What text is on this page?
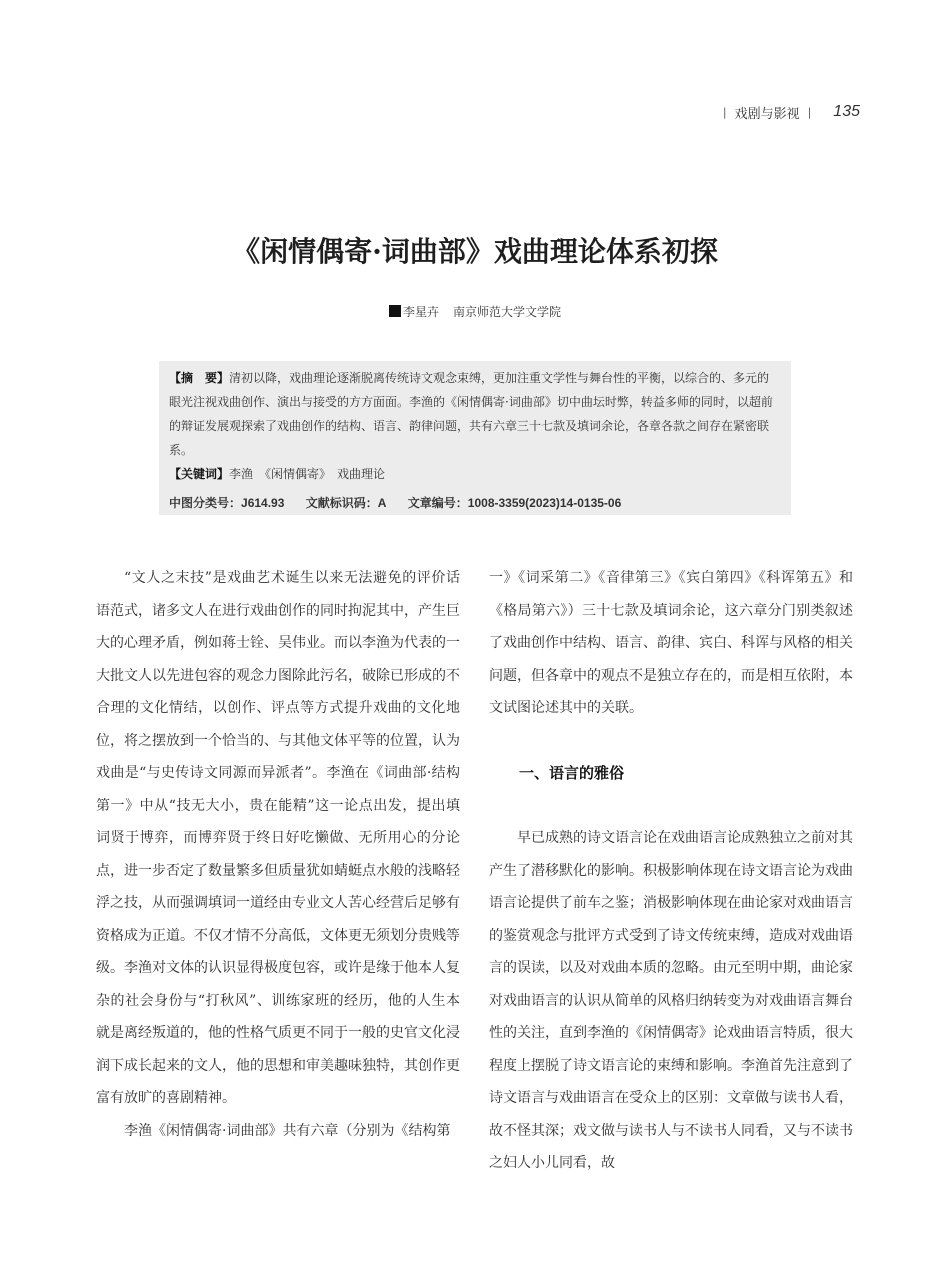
| 戏剧与影视 | 135
《闲情偶寄·词曲部》戏曲理论体系初探
李星卉 南京师范大学文学院

【摘　要】清初以降，戏曲理论逐渐脱离传统诗文观念束缚，更加注重文学性与舞台性的平衡，以综合的、多元的眼光注视戏曲创作、演出与接受的方方面面。李渔的《闲情偶寄·词曲部》切中曲坛时弊，转益多师的同时，以超前的辩证发展观探索了戏曲创作的结构、语言、韵律问题，共有六章三十七款及填词余论，各章各款之间存在紧密联系。

【关键词】李渔　《闲情偶寄》　戏曲理论

中图分类号：J614.93 文献标识码：A 文章编号：1008-3359(2023)14-0135-06

“文人之末技”是戏曲艺术诞生以来无法避免的评价话语范式，诸多文人在进行戏曲创作的同时拘泥其中，产生巨大的心理矛盾，例如蒋士铨、吴伟业。而以李渔为代表的一大批文人以先进包容的观念力图除此污名，破除已形成的不合理的文化情结，以创作、评点等方式提升戏曲的文化地位，将之摆放到一个恰当的、与其他文体平等的位置，认为戏曲是“与史传诗文同源而异派者”。李渔在《词曲部·结构第一》中从“技无大小，贵在能精”这一论点出发，提出填词贤于博弈，而博弈贤于终日好吃懒做、无所用心的分论点，进一步否定了数量繁多但质量犹如蜻蜓点水般的浅略轻浮之技，从而强调填词一道经由专业文人苦心经营后足够有资格成为正道。不仅才情不分高低，文体更无须划分贵贱等级。李渔对文体的认识显得极度包容，或许是缘于他本人复杂的社会身份与“打秋风”、训练家班的经历，他的人生本就是离经叛道的，他的性格气质更不同于一般的史官文化浸润下成长起来的文人，他的思想和审美趣味独特，其创作更富有放旷的喜剧精神。

李渔《闲情偶寄·词曲部》共有六章（分别为《结构第

一》《词采第二》《音律第三》《宾白第四》《科诨第五》和《格局第六》）三十七款及填词余论，这六章分门别类叙述了戏曲创作中结构、语言、韵律、宾白、科诨与风格的相关问题，但各章中的观点不是独立存在的，而是相互依附，本文试图论述其中的关联。

一、语言的雅俗

早已成熟的诗文语言论在戏曲语言论成熟独立之前对其产生了潜移默化的影响。积极影响体现在诗文语言论为戏曲语言论提供了前车之鉴；消极影响体现在曲论家对戏曲语言的鉴赏观念与批评方式受到了诗文传统束缚，造成对戏曲语言的误读，以及对戏曲本质的忽略。由元至明中期，曲论家对戏曲语言的认识从简单的风格归纳转变为对戏曲语言舞台性的关注，直到李渔的《闲情偶寄》论戏曲语言特质，很大程度上摆脱了诗文语言论的束缚和影响。李渔首先注意到了诗文语言与戏曲语言在受众上的区别：文章做与读书人看，故不怪其深；戏文做与读书人与不读书人同看，又与不读书之妇人小儿同看，故
